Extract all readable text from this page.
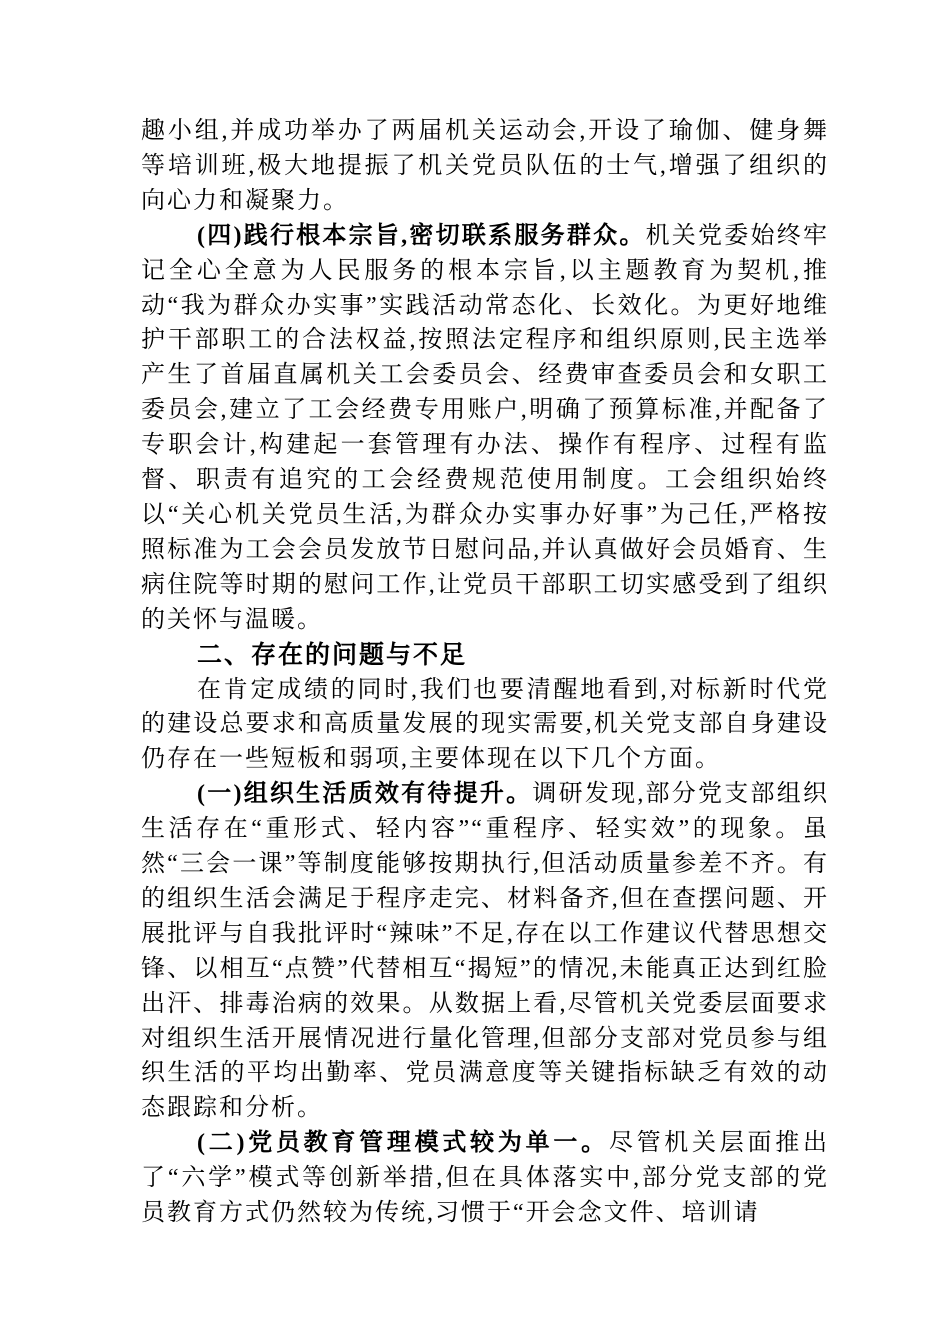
趣小组,并成功举办了两届机关运动会,开设了瑜伽、健身舞等培训班,极大地提振了机关党员队伍的士气,增强了组织的向心力和凝聚力。

(四)践行根本宗旨,密切联系服务群众。机关党委始终牢记全心全意为人民服务的根本宗旨,以主题教育为契机,推动“我为群众办实事”实践活动常态化、长效化。为更好地维护干部职工的合法权益,按照法定程序和组织原则,民主选举产生了首届直属机关工会委员会、经费审查委员会和女职工委员会,建立了工会经费专用账户,明确了预算标准,并配备了专职会计,构建起一套管理有办法、操作有程序、过程有监督、职责有追究的工会经费规范使用制度。工会组织始终以“关心机关党员生活,为群众办实事办好事”为己任,严格按照标准为工会会员发放节日慰问品,并认真做好会员婚育、生病住院等时期的慰问工作,让党员干部职工切实感受到了组织的关怀与温暖。

二、存在的问题与不足

在肯定成绩的同时,我们也要清醒地看到,对标新时代党的建设总要求和高质量发展的现实需要,机关党支部自身建设仍存在一些短板和弱项,主要体现在以下几个方面。

(一)组织生活质效有待提升。调研发现,部分党支部组织生活存在“重形式、轻内容”“重程序、轻实效”的现象。虽然“三会一课”等制度能够按期执行,但活动质量参差不齐。有的组织生活会满足于程序走完、材料备齐,但在查摆问题、开展批评与自我批评时“辣味”不足,存在以工作建议代替思想交锋、以相互“点赞”代替相互“揭短”的情况,未能真正达到红脸出汗、排毒治病的效果。从数据上看,尽管机关党委层面要求对组织生活开展情况进行量化管理,但部分支部对党员参与组织生活的平均出勤率、党员满意度等关键指标缺乏有效的动态跟踪和分析。

(二)党员教育管理模式较为单一。尽管机关层面推出了“六学”模式等创新举措,但在具体落实中,部分党支部的党员教育方式仍然较为传统,习惯于“开会念文件、培训请
